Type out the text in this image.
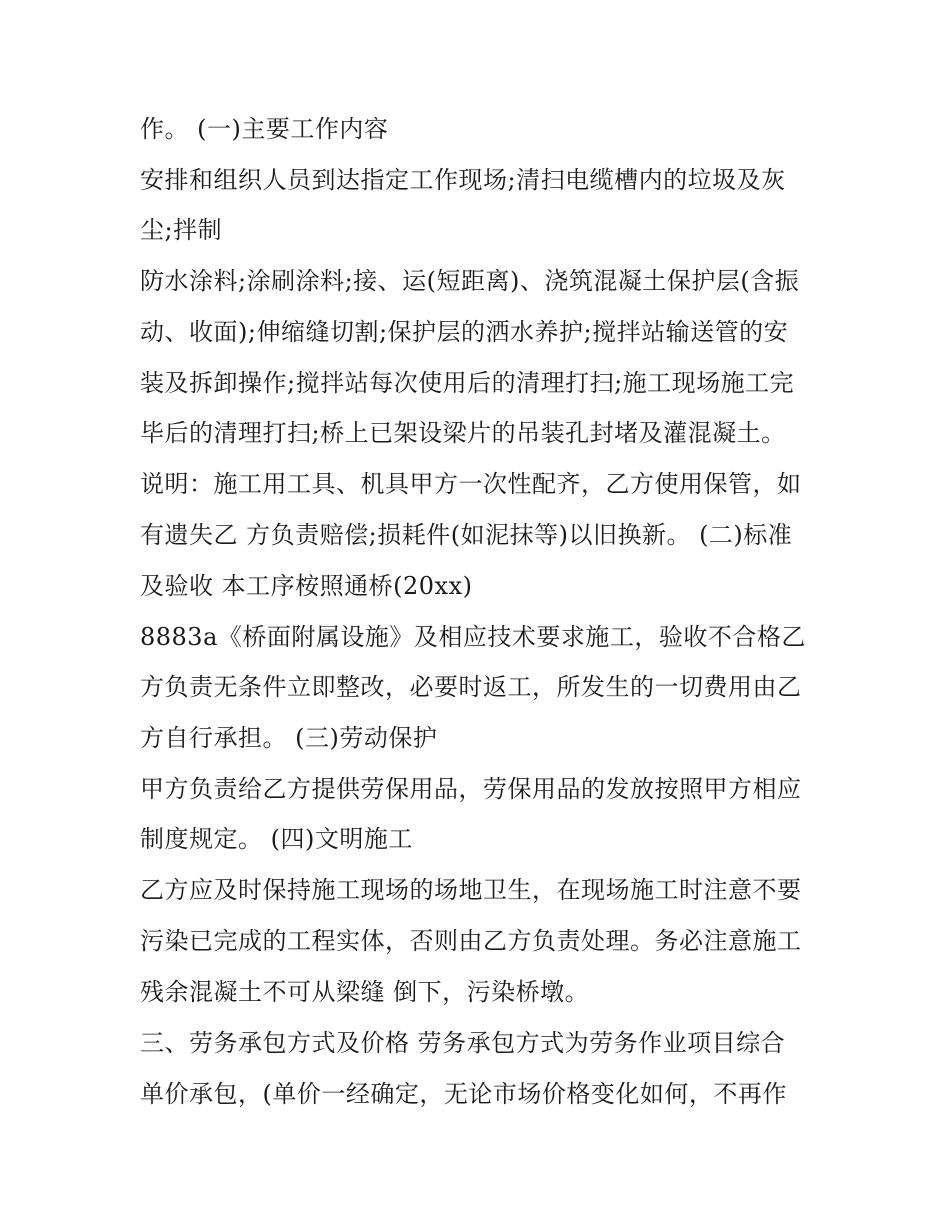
作。 (一)主要工作内容
安排和组织人员到达指定工作现场;清扫电缆槽内的垃圾及灰
尘;拌制
防水涂料;涂刷涂料;接、运(短距离)、浇筑混凝土保护层(含振
动、收面);伸缩缝切割;保护层的洒水养护;搅拌站输送管的安
装及拆卸操作;搅拌站每次使用后的清理打扫;施工现场施工完
毕后的清理打扫;桥上已架设梁片的吊装孔封堵及灌混凝土。
说明：施工用工具、机具甲方一次性配齐，乙方使用保管，如
有遗失乙 方负责赔偿;损耗件(如泥抹等)以旧换新。 (二)标准
及验收 本工序桉照通桥(20xx)
8883a《桥面附属设施》及相应技术要求施工，验收不合格乙
方负责无条件立即整改，必要时返工，所发生的一切费用由乙
方自行承担。 (三)劳动保护
甲方负责给乙方提供劳保用品，劳保用品的发放按照甲方相应
制度规定。 (四)文明施工
乙方应及时保持施工现场的场地卫生，在现场施工时注意不要
污染已完成的工程实体，否则由乙方负责处理。务必注意施工
残余混凝土不可从梁缝 倒下，污染桥墩。
三、劳务承包方式及价格 劳务承包方式为劳务作业项目综合
单价承包，(单价一经确定，无论市场价格变化如何，不再作
